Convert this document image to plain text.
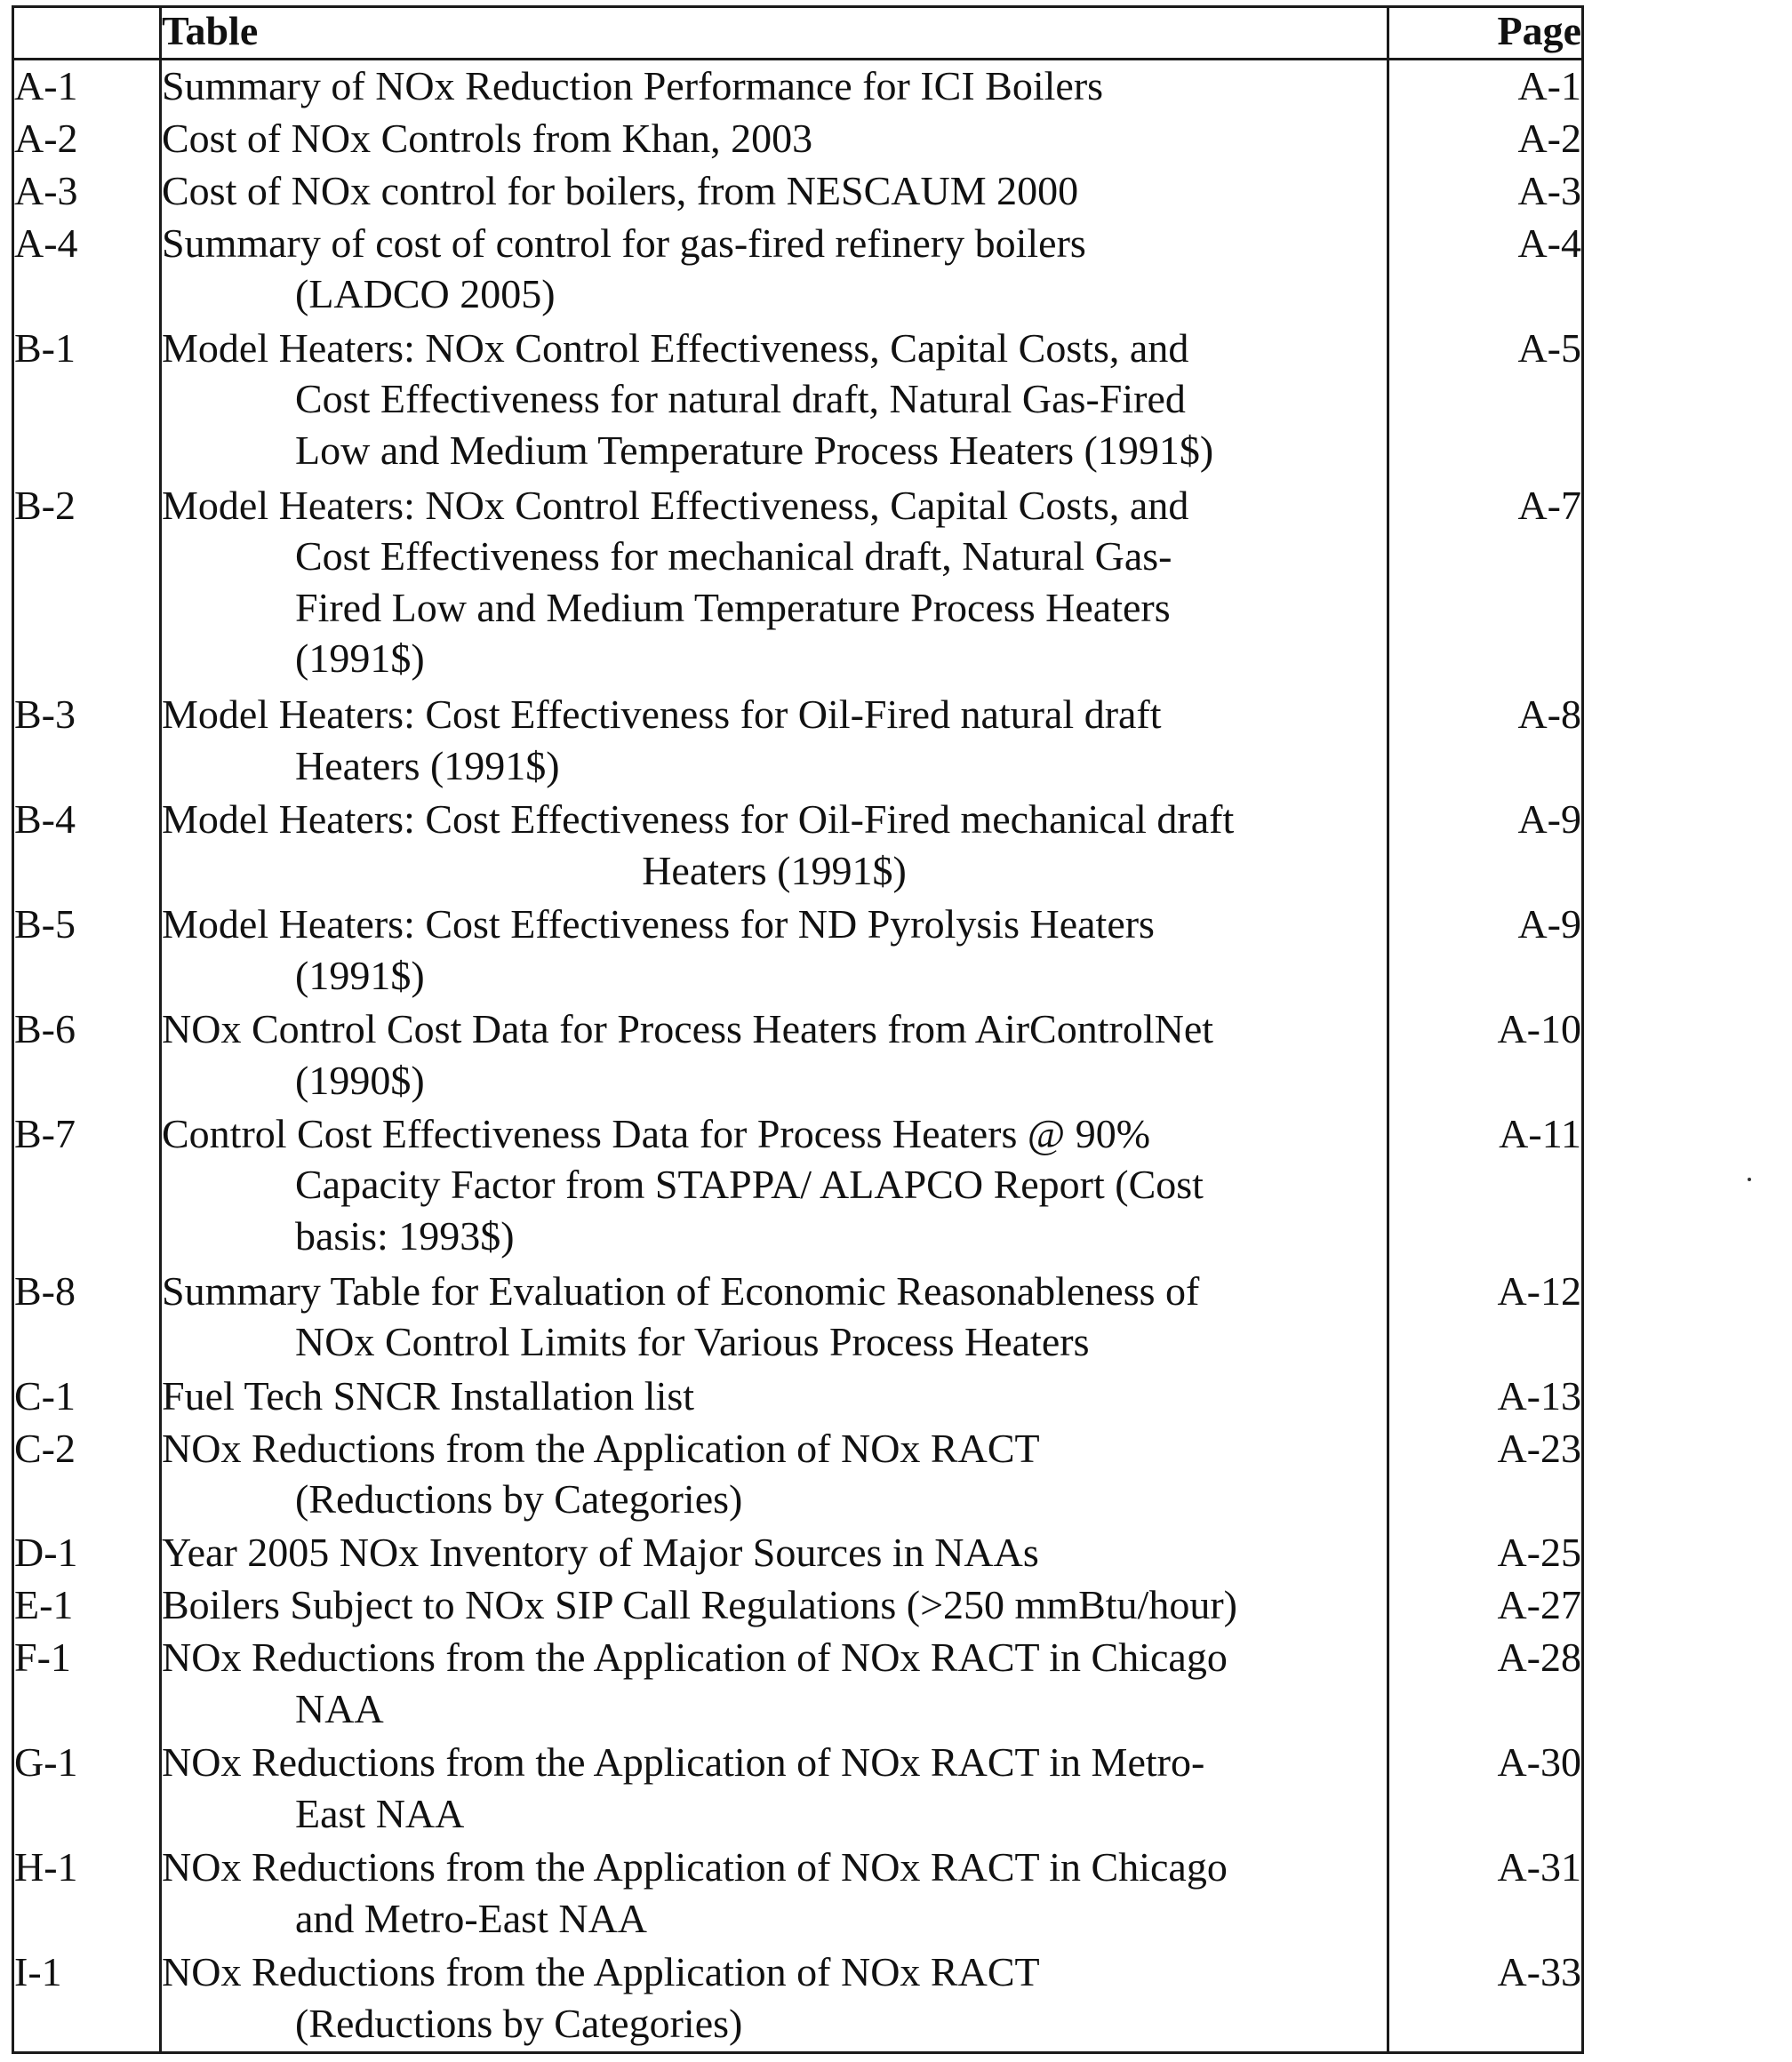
	Table	Page
A-1	Summary of NOx Reduction Performance for ICI Boilers	A-1
A-2	Cost of NOx Controls from Khan, 2003	A-2
A-3	Cost of NOx control for boilers, from NESCAUM 2000	A-3
A-4	Summary of cost of control for gas-fired refinery boilers
(LADCO 2005)	A-4
B-1	Model Heaters: NOx Control Effectiveness, Capital Costs, and
Cost Effectiveness for natural draft, Natural Gas-Fired
Low and Medium Temperature Process Heaters (1991$)	A-5
B-2	Model Heaters: NOx Control Effectiveness, Capital Costs, and
Cost Effectiveness for mechanical draft, Natural Gas-
Fired Low and Medium Temperature Process Heaters
(1991$)	A-7
B-3	Model Heaters: Cost Effectiveness for Oil-Fired natural draft
Heaters (1991$)	A-8
B-4	Model Heaters: Cost Effectiveness for Oil-Fired mechanical draft
Heaters (1991$)	A-9
B-5	Model Heaters: Cost Effectiveness for ND Pyrolysis Heaters
(1991$)	A-9
B-6	NOx Control Cost Data for Process Heaters from AirControlNet
(1990$)	A-10
B-7	Control Cost Effectiveness Data for Process Heaters @ 90%
Capacity Factor from STAPPA/ ALAPCO Report (Cost
basis: 1993$)	A-11
B-8	Summary Table for Evaluation of Economic Reasonableness of
NOx Control Limits for Various Process Heaters	A-12
C-1	Fuel Tech SNCR Installation list	A-13
C-2	NOx Reductions from the Application of NOx RACT
(Reductions by Categories)	A-23
D-1	Year 2005 NOx Inventory of Major Sources in NAAs	A-25
E-1	Boilers Subject to NOx SIP Call Regulations (>250 mmBtu/hour)	A-27
F-1	NOx Reductions from the Application of NOx RACT in Chicago
NAA	A-28
G-1	NOx Reductions from the Application of NOx RACT in Metro-
East NAA	A-30
H-1	NOx Reductions from the Application of NOx RACT in Chicago
and Metro-East NAA	A-31
I-1	NOx Reductions from the Application of NOx RACT
(Reductions by Categories)	A-33
